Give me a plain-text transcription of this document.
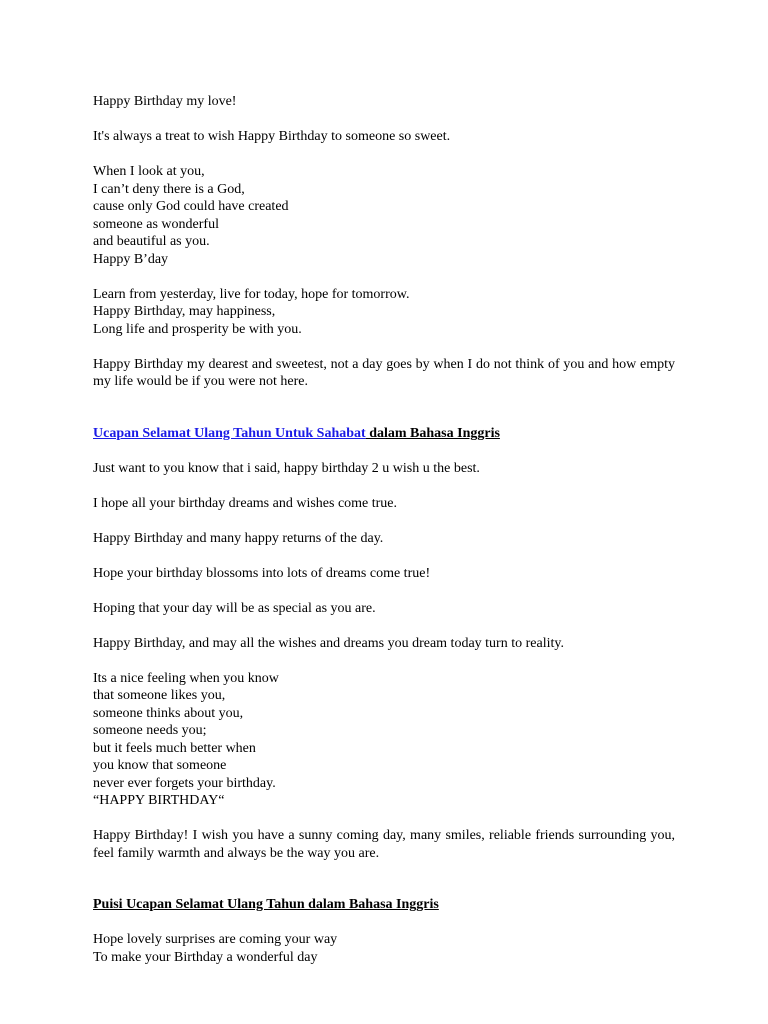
Happy Birthday my love!

It's always a treat to wish Happy Birthday to someone so sweet.

When I look at you,
I can’t deny there is a God,
cause only God could have created
someone as wonderful
and beautiful as you.
Happy B’day

Learn from yesterday, live for today, hope for tomorrow.
Happy Birthday, may happiness,
Long life and prosperity be with you.

Happy Birthday my dearest and sweetest, not a day goes by when I do not think of you and how empty my life would be if you were not here.

Ucapan Selamat Ulang Tahun Untuk Sahabat dalam Bahasa Inggris

Just want to you know that i said, happy birthday 2 u wish u the best.

I hope all your birthday dreams and wishes come true.

Happy Birthday and many happy returns of the day.

Hope your birthday blossoms into lots of dreams come true!

Hoping that your day will be as special as you are.

Happy Birthday, and may all the wishes and dreams you dream today turn to reality.

Its a nice feeling when you know
that someone likes you,
someone thinks about you,
someone needs you;
but it feels much better when
you know that someone
never ever forgets your birthday.
“HAPPY BIRTHDAY“

Happy Birthday! I wish you have a sunny coming day, many smiles, reliable friends surrounding you, feel family warmth and always be the way you are.

Puisi Ucapan Selamat Ulang Tahun dalam Bahasa Inggris

Hope lovely surprises are coming your way
To make your Birthday a wonderful day
